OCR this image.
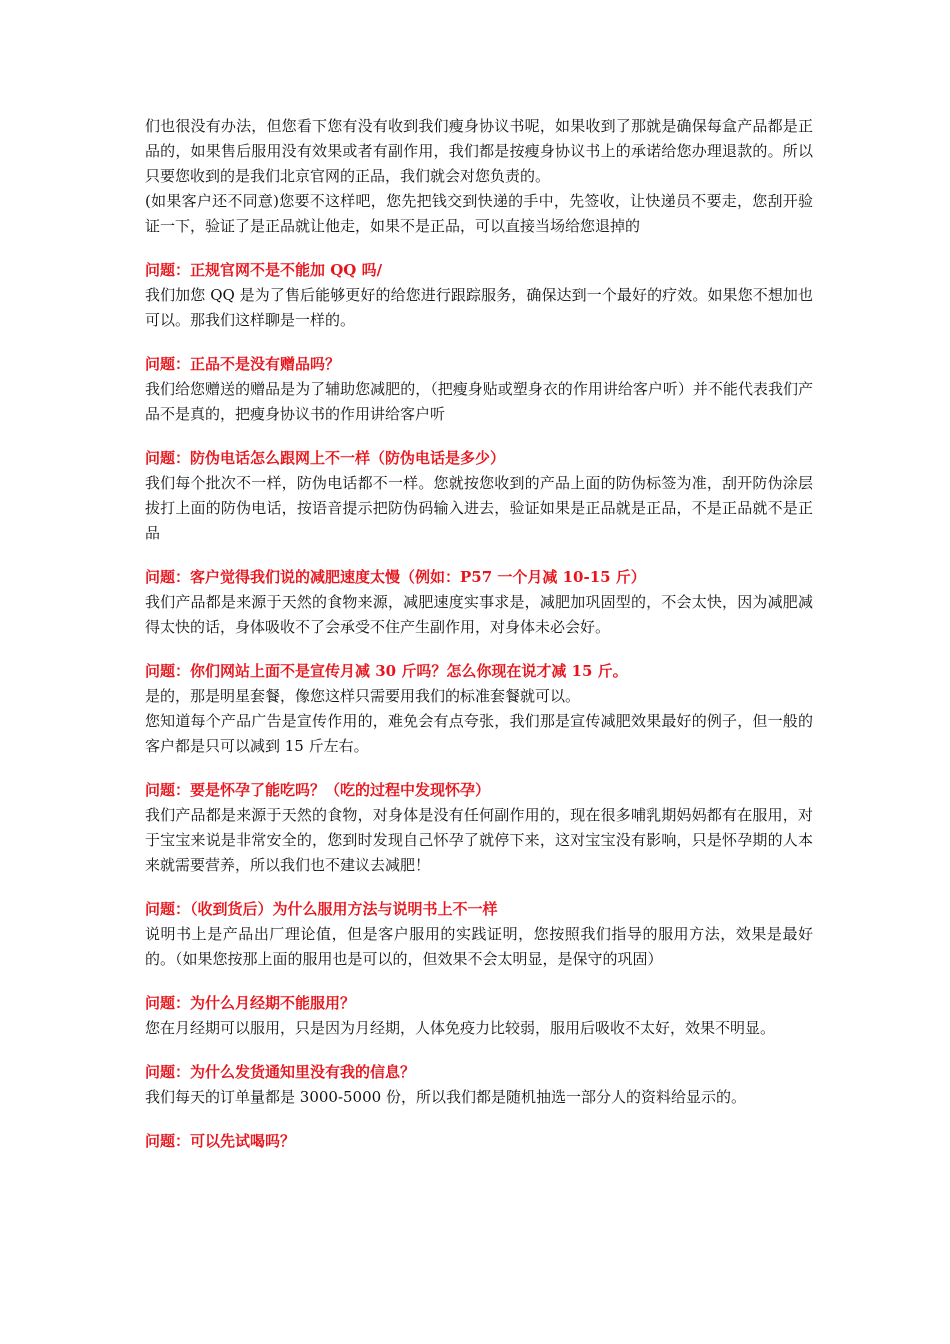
们也很没有办法，但您看下您有没有收到我们瘦身协议书呢，如果收到了那就是确保每盒产品都是正品的，如果售后服用没有效果或者有副作用，我们都是按瘦身协议书上的承诺给您办理退款的。所以只要您收到的是我们北京官网的正品，我们就会对您负责的。

(如果客户还不同意)您要不这样吧，您先把钱交到快递的手中，先签收，让快递员不要走，您刮开验证一下，验证了是正品就让他走，如果不是正品，可以直接当场给您退掉的

问题：正规官网不是不能加 QQ 吗/

我们加您 QQ 是为了售后能够更好的给您进行跟踪服务，确保达到一个最好的疗效。如果您不想加也可以。那我们这样聊是一样的。

问题：正品不是没有赠品吗？

我们给您赠送的赠品是为了辅助您减肥的，（把瘦身贴或塑身衣的作用讲给客户听）并不能代表我们产品不是真的，把瘦身协议书的作用讲给客户听

问题：防伪电话怎么跟网上不一样（防伪电话是多少）

我们每个批次不一样，防伪电话都不一样。您就按您收到的产品上面的防伪标签为准，刮开防伪涂层拔打上面的防伪电话，按语音提示把防伪码输入进去，验证如果是正品就是正品，不是正品就不是正品

问题：客户觉得我们说的减肥速度太慢（例如：P57 一个月减 10-15 斤）

我们产品都是来源于天然的食物来源，减肥速度实事求是，减肥加巩固型的，不会太快，因为减肥减得太快的话，身体吸收不了会承受不住产生副作用，对身体未必会好。

问题：你们网站上面不是宣传月减 30 斤吗？怎么你现在说才减 15 斤。

是的，那是明星套餐，像您这样只需要用我们的标准套餐就可以。

您知道每个产品广告是宣传作用的，难免会有点夸张，我们那是宣传减肥效果最好的例子，但一般的客户都是只可以减到 15 斤左右。

问题：要是怀孕了能吃吗？（吃的过程中发现怀孕）

我们产品都是来源于天然的食物，对身体是没有任何副作用的，现在很多哺乳期妈妈都有在服用，对于宝宝来说是非常安全的，您到时发现自己怀孕了就停下来，这对宝宝没有影响，只是怀孕期的人本来就需要营养，所以我们也不建议去减肥！

问题：（收到货后）为什么服用方法与说明书上不一样

说明书上是产品出厂理论值，但是客户服用的实践证明，您按照我们指导的服用方法，效果是最好的。（如果您按那上面的服用也是可以的，但效果不会太明显，是保守的巩固）

问题：为什么月经期不能服用？

您在月经期可以服用，只是因为月经期，人体免疫力比较弱，服用后吸收不太好，效果不明显。

问题：为什么发货通知里没有我的信息？

我们每天的订单量都是 3000-5000 份，所以我们都是随机抽选一部分人的资料给显示的。

问题：可以先试喝吗？
